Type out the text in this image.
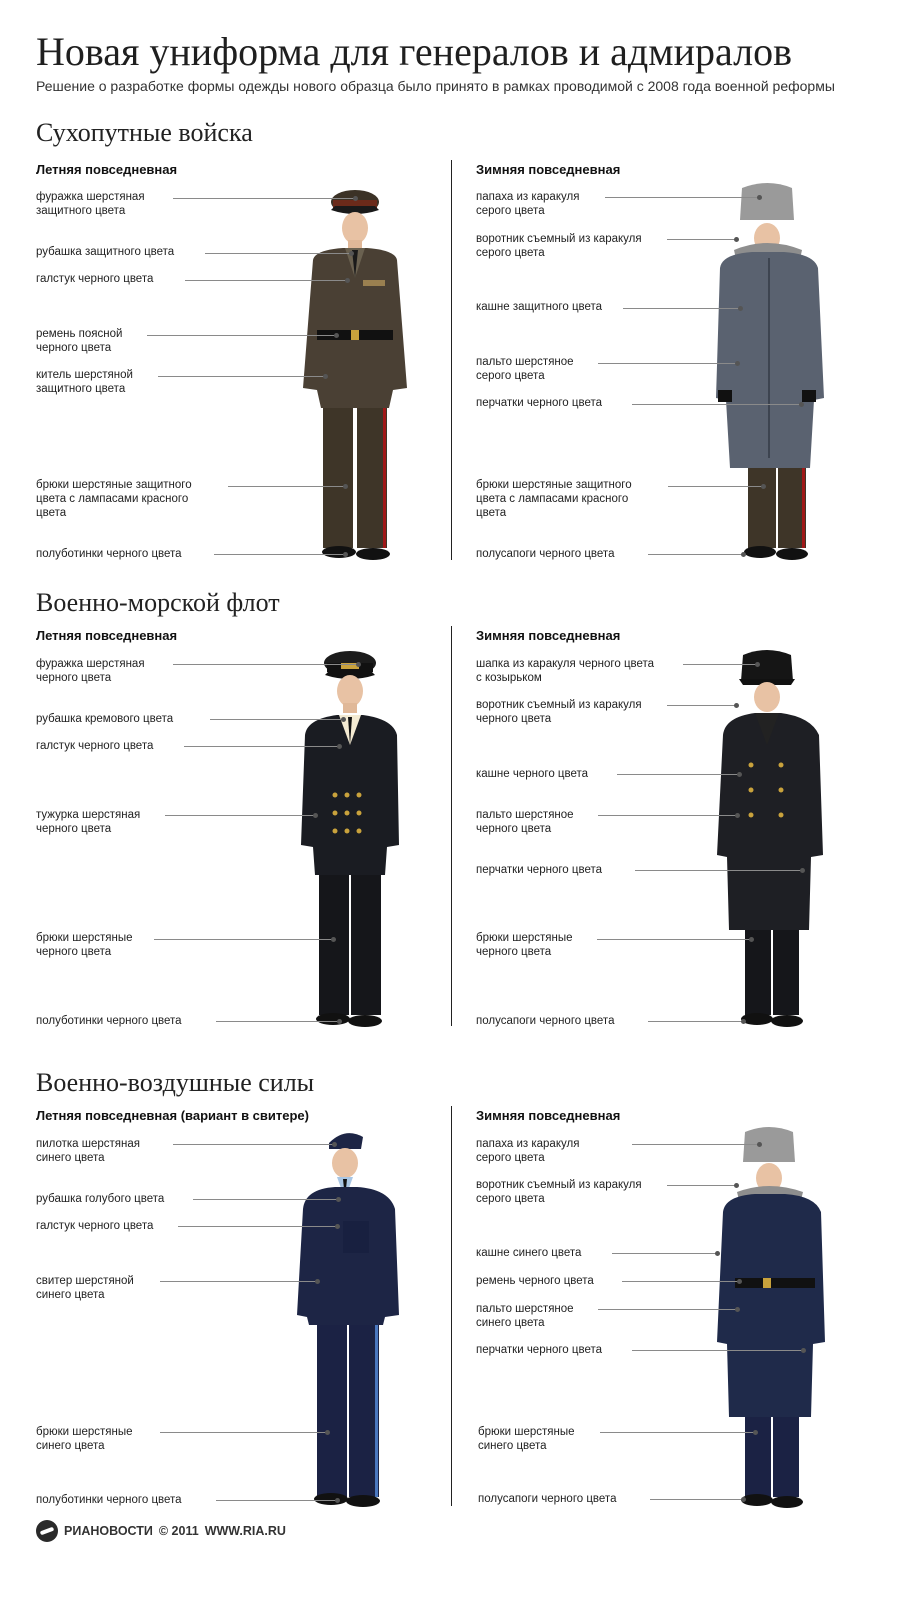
Новая униформа для генералов и адмиралов
Решение о разработке формы одежды нового образца было принято в рамках проводимой с 2008 года военной реформы
Сухопутные войска
Летняя повседневная	Зимняя повседневная
фуражка шерстяная
защитного цвета
рубашка защитного цвета
галстук черного цвета
ремень поясной
черного цвета
китель шерстяной
защитного цвета
брюки шерстяные защитного
цвета с лампасами красного
цвета
полуботинки черного цвета
папаха из каракуля
серого цвета
воротник съемный из каракуля
серого цвета
кашне защитного цвета
пальто шерстяное
серого цвета
перчатки черного цвета
брюки шерстяные защитного
цвета с лампасами красного
цвета
полусапоги черного цвета
Военно-морской флот
Летняя повседневная	Зимняя повседневная
фуражка шерстяная
черного цвета
рубашка кремового цвета
галстук черного цвета
тужурка шерстяная
черного цвета
брюки шерстяные
черного цвета
полуботинки черного цвета
шапка из каракуля черного цвета
с козырьком
воротник съемный из каракуля
черного цвета
кашне черного цвета
пальто шерстяное
черного цвета
перчатки черного цвета
брюки шерстяные
черного цвета
полусапоги черного цвета
Военно-воздушные силы
Летняя повседневная (вариант в свитере)	Зимняя повседневная
пилотка шерстяная
синего цвета
рубашка голубого цвета
галстук черного цвета
свитер шерстяной
синего цвета
брюки шерстяные
синего цвета
полуботинки черного цвета
папаха из каракуля
серого цвета
воротник съемный из каракуля
серого цвета
кашне синего цвета
ремень черного цвета
пальто шерстяное
синего цвета
перчатки черного цвета
брюки шерстяные
синего цвета
полусапоги черного цвета
РИАНОВОСТИ © 2011 WWW.RIA.RU
